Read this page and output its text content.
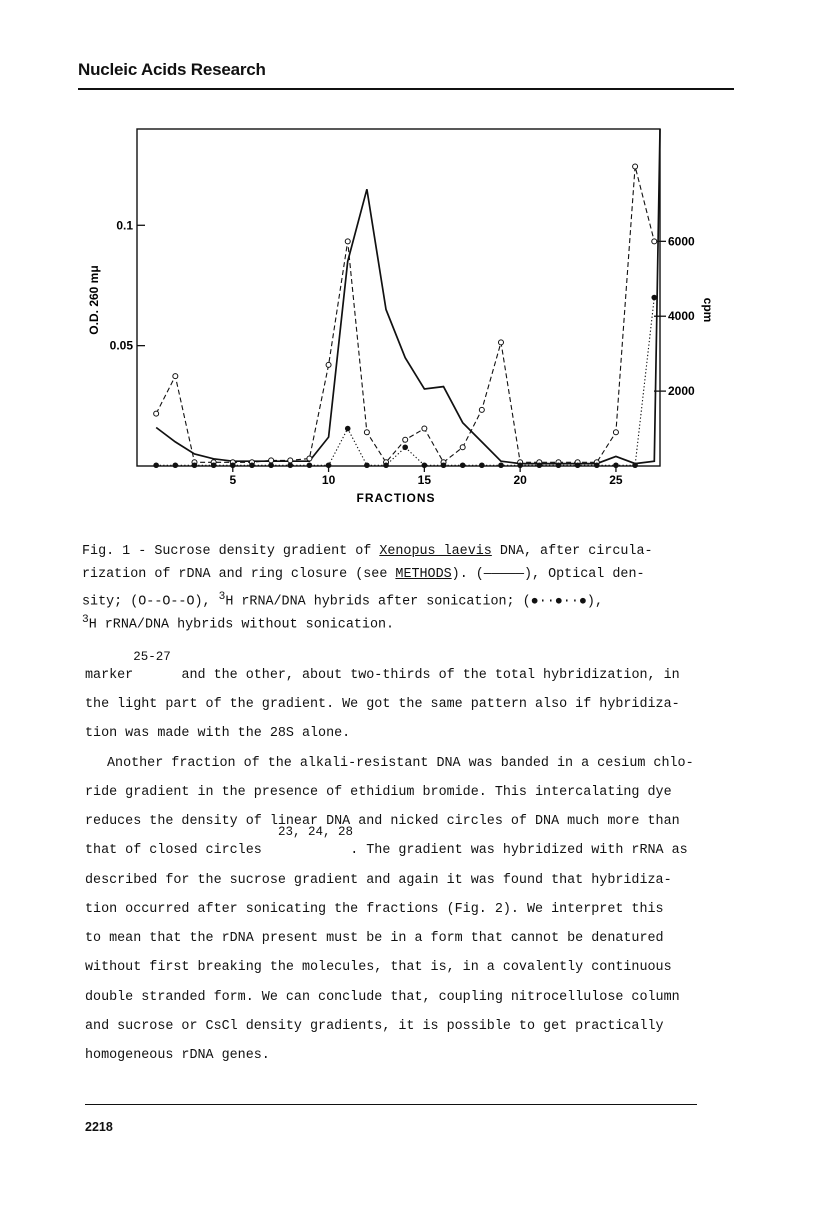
Nucleic Acids Research
5	10	15	20	25
0.05
0.1
2000
4000
6000
FRACTIONS
O.D. 260 mμ	cpm
Fig. 1 - Sucrose density gradient of Xenopus laevis DNA, after circula-
rization of rDNA and ring closure (see METHODS). (—————), Optical den-
sity; (O--O--O), $^3$H rRNA/DNA hybrids after sonication; (●··●··●),
$^3$H rRNA/DNA hybrids without sonication.
25-27
marker	and the other, about two-thirds of the total hybridization, in
the light part of the gradient. We got the same pattern also if hybridiza-
tion was made with the 28S alone.
Another fraction of the alkali-resistant DNA was banded in a cesium chlo-
ride gradient in the presence of ethidium bromide. This intercalating dye
reduces the density of linear DNA and nicked circles of DNA much more than
23, 24, 28
that of closed circles	. The gradient was hybridized with rRNA as
described for the sucrose gradient and again it was found that hybridiza-
tion occurred after sonicating the fractions (Fig. 2). We interpret this
to mean that the rDNA present must be in a form that cannot be denatured
without first breaking the molecules, that is, in a covalently continuous
double stranded form. We can conclude that, coupling nitrocellulose column
and sucrose or CsCl density gradients, it is possible to get practically
homogeneous rDNA genes.
2218
